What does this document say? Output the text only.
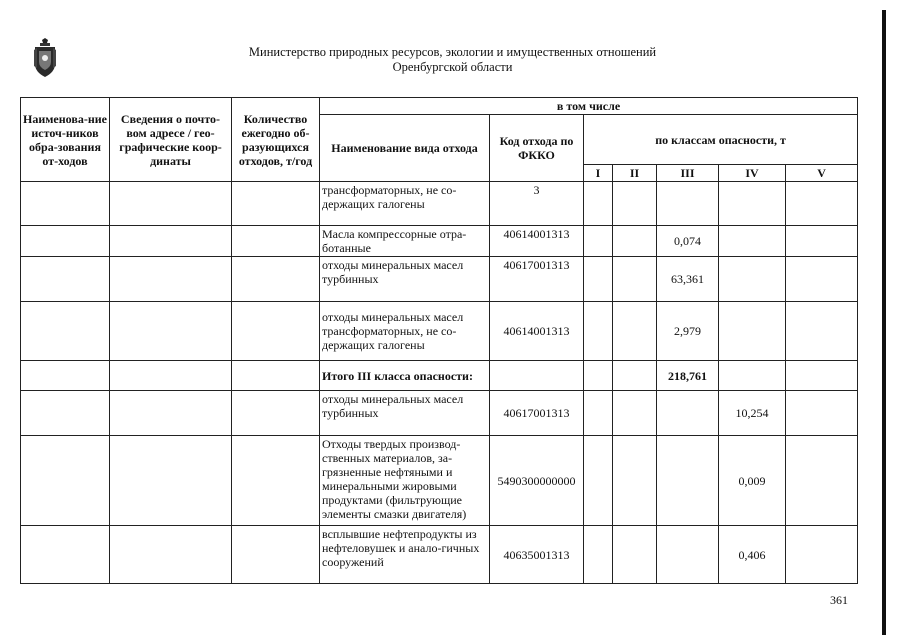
Министерство природных ресурсов, экологии и имущественных отношений
Оренбургской области
Наименова-ние источ-ников обра-зования от-ходов	Сведения о почто-вом адресе / гео-графические коор-динаты	Количество ежегодно об-разующихся отходов, т/год	в том числе						
			Наименование вида отхода	Код отхода по ФККО	по классам опасности, т				
					I	II	III	IV	V
			трансформаторных, не со-держащих галогены	3					
			Масла компрессорные отра-ботанные	40614001313			0,074		
			отходы минеральных масел турбинных	40617001313			63,361		
			отходы минеральных масел трансформаторных, не со-держащих галогены	40614001313			2,979		
			Итого III класса опасности:				218,761		
			отходы минеральных масел турбинных	40617001313				10,254	
			Отходы твердых производ-ственных материалов, за-грязненные нефтяными и минеральными жировыми продуктами (фильтрующие элементы смазки двигателя)	5490300000000				0,009	
			всплывшие нефтепродукты из нефтеловушек и анало-гичных сооружений	40635001313				0,406	
361
